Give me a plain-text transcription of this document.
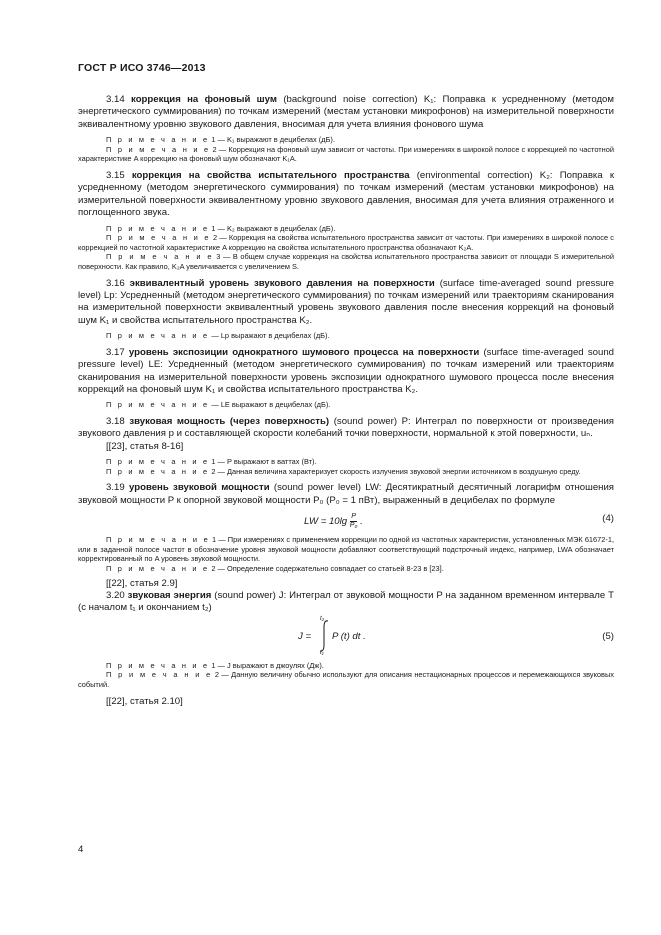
ГОСТ Р ИСО 3746—2013

3.14 коррекция на фоновый шум (background noise correction) K₁: Поправка к усредненному (методом энергетического суммирования) по точкам измерений (местам установки микрофонов) на измерительной поверхности эквивалентному уровню звукового давления, вносимая для учета влияния фонового шума

П р и м е ч а н и е 1 — K₁ выражают в децибелах (дБ).

П р и м е ч а н и е 2 — Коррекция на фоновый шум зависит от частоты. При измерениях в широкой полосе с коррекцией по частотной характеристике A коррекцию на фоновый шум обозначают K₁A.

3.15 коррекция на свойства испытательного пространства (environmental correction) K₂: Поправка к усредненному (методом энергетического суммирования) по точкам измерений (местам установки микрофонов) на измерительной поверхности эквивалентному уровню звукового давления, вносимая для учета влияния отраженного и поглощенного звука.

П р и м е ч а н и е 1 — K₂ выражают в децибелах (дБ).

П р и м е ч а н и е 2 — Коррекция на свойства испытательного пространства зависит от частоты. При измерениях в широкой полосе с коррекцией по частотной характеристике A коррекцию на свойства испытательного пространства обозначают K₂A.

П р и м е ч а н и е 3 — В общем случае коррекция на свойства испытательного пространства зависит от площади S измерительной поверхности. Как правило, K₂A увеличивается с увеличением S.

3.16 эквивалентный уровень звукового давления на поверхности (surface time-averaged sound pressure level) Lp: Усредненный (методом энергетического суммирования) по точкам измерений или траекториям сканирования на измерительной поверхности эквивалентный уровень звукового давления после внесения коррекций на фоновый шум K₁ и свойства испытательного пространства K₂.

П р и м е ч а н и е — Lp выражают в децибелах (дБ).

3.17 уровень экспозиции однократного шумового процесса на поверхности (surface time-averaged sound pressure level) LE: Усредненный (методом энергетического суммирования) по точкам измерений или траекториям сканирования на измерительной поверхности уровень экспозиции однократного шумового процесса после внесения коррекций на фоновый шум K₁ и свойства испытательного пространства K₂.

П р и м е ч а н и е — LE выражают в децибелах (дБ).

3.18 звуковая мощность (через поверхность) (sound power) P: Интеграл по поверхности от произведения звукового давления p и составляющей скорости колебаний точки поверхности, нормальной к этой поверхности, uₙ.

[[23], статья 8-16]

П р и м е ч а н и е 1 — P выражают в ваттах (Вт).

П р и м е ч а н и е 2 — Данная величина характеризует скорость излучения звуковой энергии источником в воздушную среду.

3.19 уровень звуковой мощности (sound power level) LW: Десятикратный десятичный логарифм отношения звуковой мощности P к опорной звуковой мощности P₀ (P₀ = 1 пВт), выраженный в децибелах по формуле

LW = $10\lg \frac{P}{\text{P₀}}$ .	(4)

П р и м е ч а н и е 1 — При измерениях с применением коррекции по одной из частотных характеристик, установленных МЭК 61672-1, или в заданной полосе частот в обозначение уровня звуковой мощности добавляют соответствующий подстрочный индекс, например, LWA обозначает корректированный по A уровень звуковой мощности.

П р и м е ч а н и е 2 — Определение содержательно совпадает со статьей 8-23 в [23].

[[22], статья 2.9]

3.20 звуковая энергия (sound power) J: Интеграл от звуковой мощности P на заданном временном интервале T (с началом t₁ и окончанием t₂)

J =
t₂
t₁
P (t) dt .	(5)

П р и м е ч а н и е 1 — J выражают в джоулях (Дж).

П р и м е ч а н и е 2 — Данную величину обычно используют для описания нестационарных процессов и перемежающихся звуковых событий.

[[22], статья 2.10]

4
